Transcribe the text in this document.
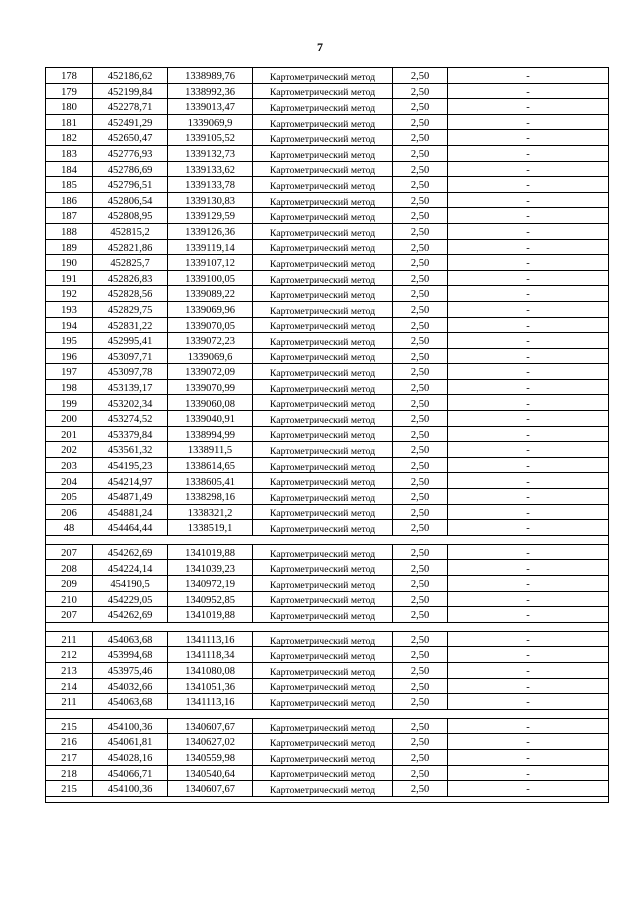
7
178	452186,62	1338989,76	Картометрический метод	2,50	-
179	452199,84	1338992,36	Картометрический метод	2,50	-
180	452278,71	1339013,47	Картометрический метод	2,50	-
181	452491,29	1339069,9	Картометрический метод	2,50	-
182	452650,47	1339105,52	Картометрический метод	2,50	-
183	452776,93	1339132,73	Картометрический метод	2,50	-
184	452786,69	1339133,62	Картометрический метод	2,50	-
185	452796,51	1339133,78	Картометрический метод	2,50	-
186	452806,54	1339130,83	Картометрический метод	2,50	-
187	452808,95	1339129,59	Картометрический метод	2,50	-
188	452815,2	1339126,36	Картометрический метод	2,50	-
189	452821,86	1339119,14	Картометрический метод	2,50	-
190	452825,7	1339107,12	Картометрический метод	2,50	-
191	452826,83	1339100,05	Картометрический метод	2,50	-
192	452828,56	1339089,22	Картометрический метод	2,50	-
193	452829,75	1339069,96	Картометрический метод	2,50	-
194	452831,22	1339070,05	Картометрический метод	2,50	-
195	452995,41	1339072,23	Картометрический метод	2,50	-
196	453097,71	1339069,6	Картометрический метод	2,50	-
197	453097,78	1339072,09	Картометрический метод	2,50	-
198	453139,17	1339070,99	Картометрический метод	2,50	-
199	453202,34	1339060,08	Картометрический метод	2,50	-
200	453274,52	1339040,91	Картометрический метод	2,50	-
201	453379,84	1338994,99	Картометрический метод	2,50	-
202	453561,32	1338911,5	Картометрический метод	2,50	-
203	454195,23	1338614,65	Картометрический метод	2,50	-
204	454214,97	1338605,41	Картометрический метод	2,50	-
205	454871,49	1338298,16	Картометрический метод	2,50	-
206	454881,24	1338321,2	Картометрический метод	2,50	-
48	454464,44	1338519,1	Картометрический метод	2,50	-

207	454262,69	1341019,88	Картометрический метод	2,50	-
208	454224,14	1341039,23	Картометрический метод	2,50	-
209	454190,5	1340972,19	Картометрический метод	2,50	-
210	454229,05	1340952,85	Картометрический метод	2,50	-
207	454262,69	1341019,88	Картометрический метод	2,50	-

211	454063,68	1341113,16	Картометрический метод	2,50	-
212	453994,68	1341118,34	Картометрический метод	2,50	-
213	453975,46	1341080,08	Картометрический метод	2,50	-
214	454032,66	1341051,36	Картометрический метод	2,50	-
211	454063,68	1341113,16	Картометрический метод	2,50	-

215	454100,36	1340607,67	Картометрический метод	2,50	-
216	454061,81	1340627,02	Картометрический метод	2,50	-
217	454028,16	1340559,98	Картометрический метод	2,50	-
218	454066,71	1340540,64	Картометрический метод	2,50	-
215	454100,36	1340607,67	Картометрический метод	2,50	-
